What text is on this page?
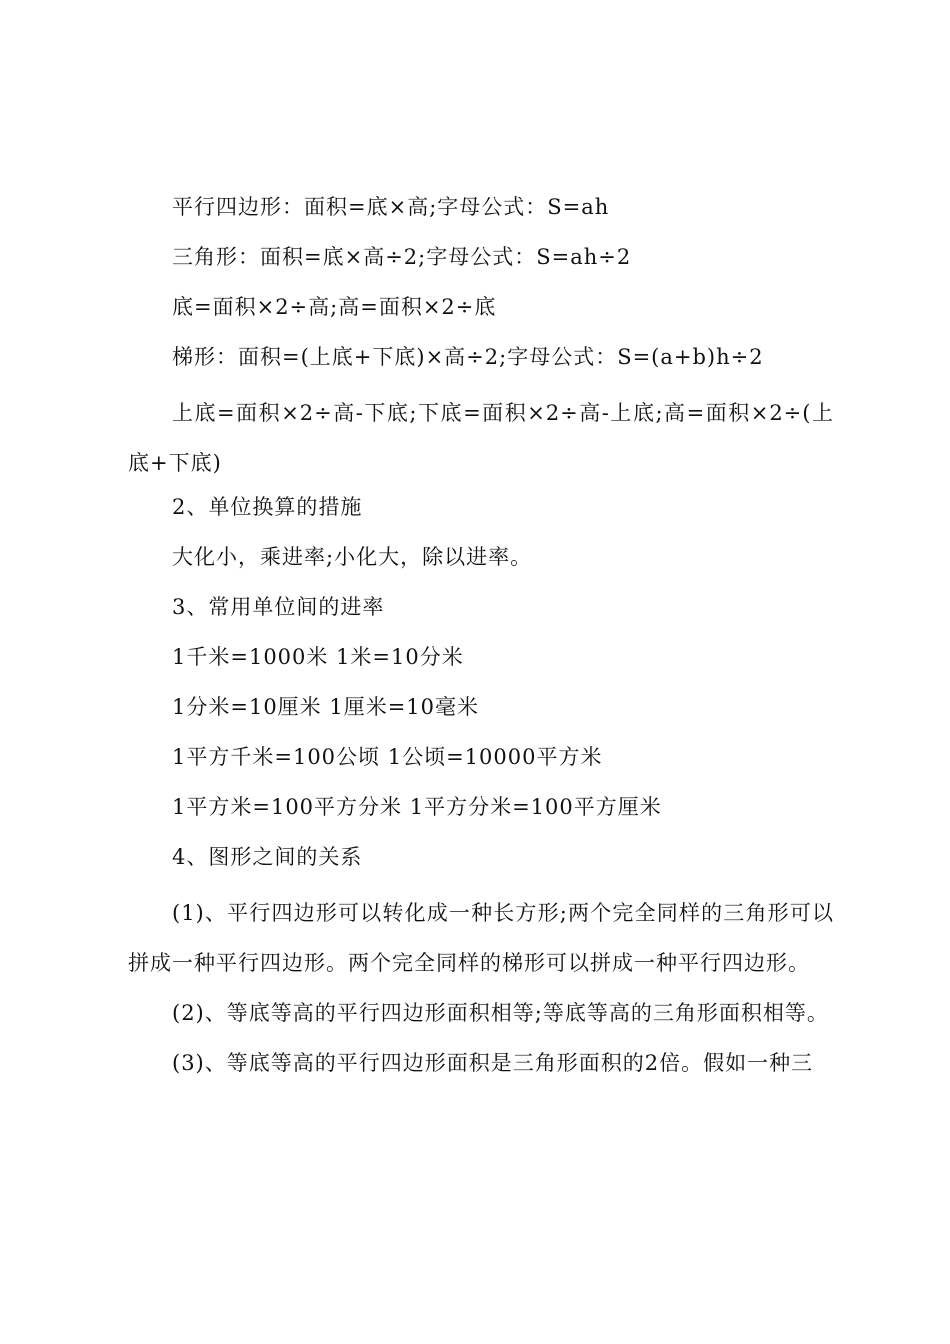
平行四边形：面积=底×高;字母公式：S=ah
三角形：面积=底×高÷2;字母公式：S=ah÷2
底=面积×2÷高;高=面积×2÷底
梯形：面积=(上底+下底)×高÷2;字母公式：S=(a+b)h÷2

上底=面积×2÷高-下底;下底=面积×2÷高-上底;高=面积×2÷(上底+下底)

2、单位换算的措施
大化小，乘进率;小化大，除以进率。
3、常用单位间的进率
1千米=1000米 1米=10分米
1分米=10厘米 1厘米=10毫米
1平方千米=100公顷 1公顷=10000平方米
1平方米=100平方分米 1平方分米=100平方厘米
4、图形之间的关系

(1)、平行四边形可以转化成一种长方形;两个完全同样的三角形可以拼成一种平行四边形。两个完全同样的梯形可以拼成一种平行四边形。

(2)、等底等高的平行四边形面积相等;等底等高的三角形面积相等。

(3)、等底等高的平行四边形面积是三角形面积的2倍。假如一种三
